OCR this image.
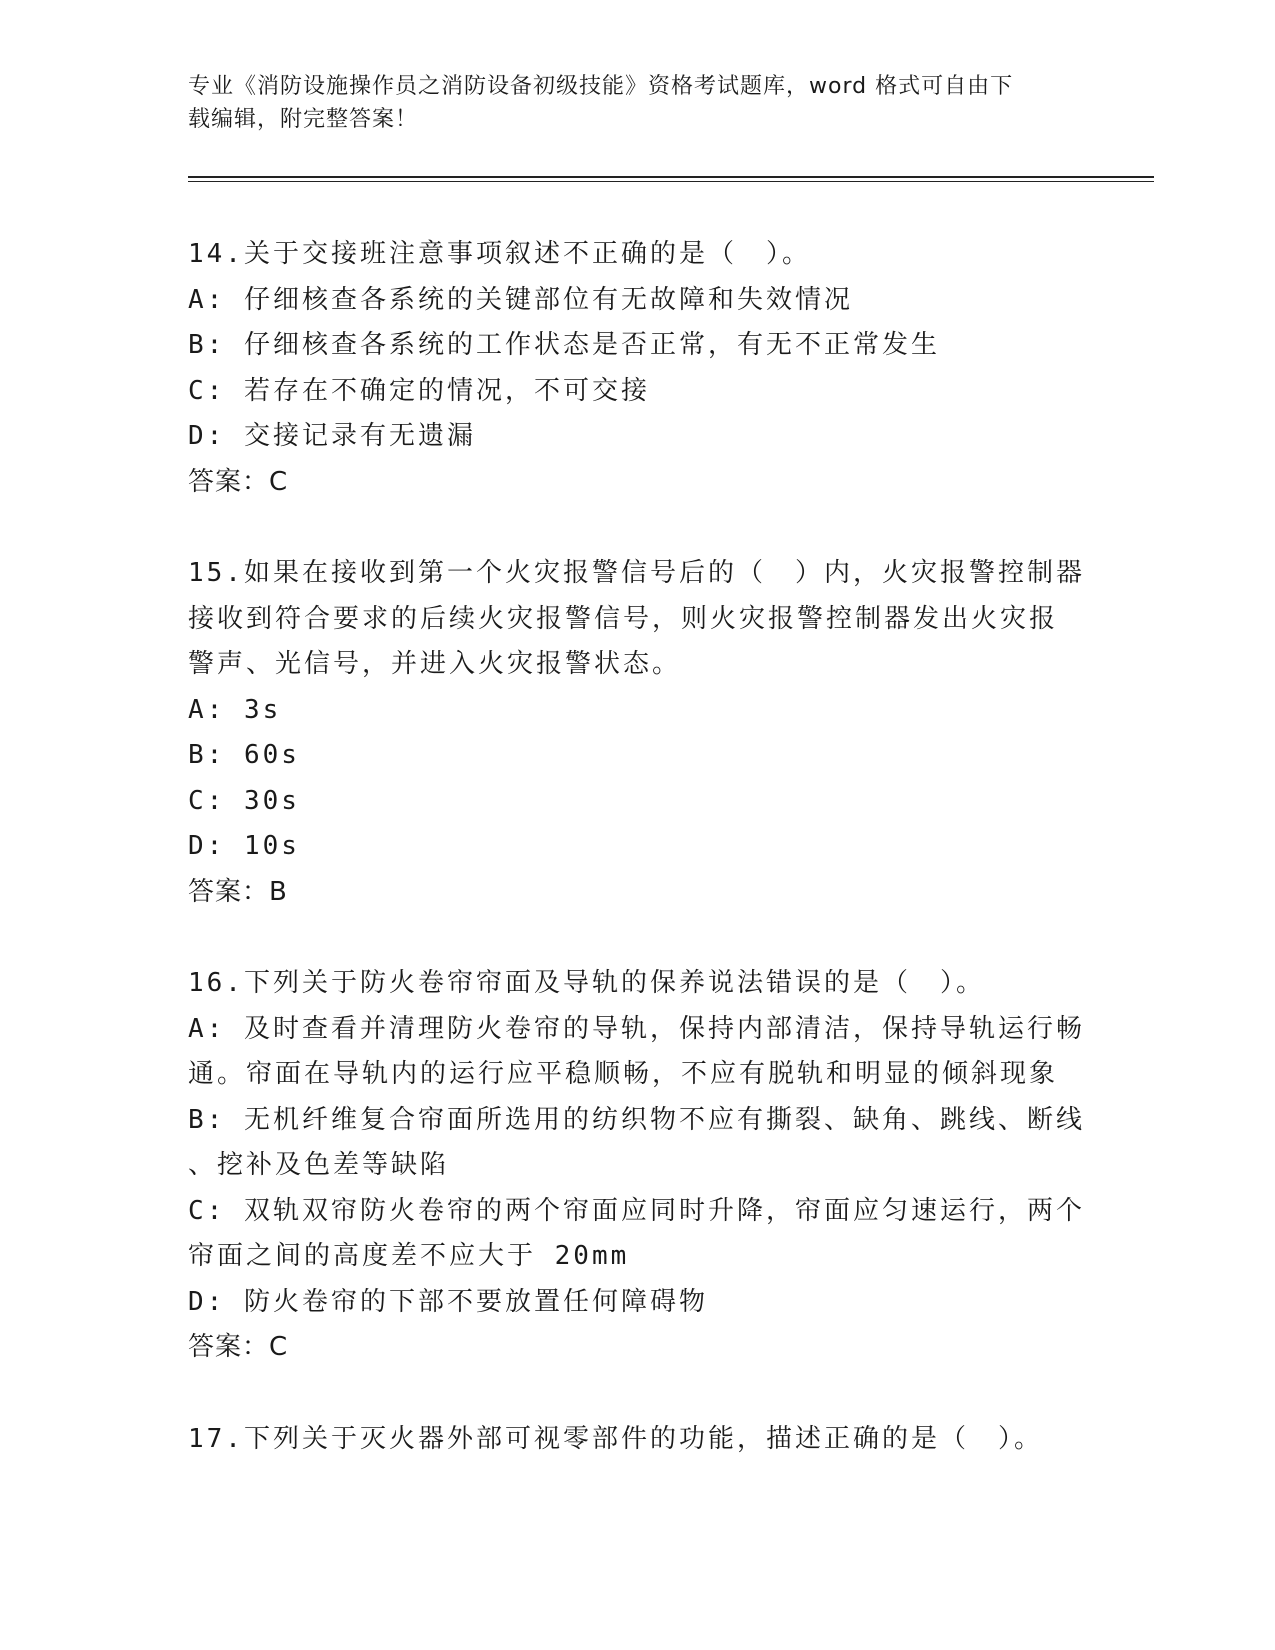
专业《消防设施操作员之消防设备初级技能》资格考试题库，word 格式可自由下
载编辑，附完整答案！
14.关于交接班注意事项叙述不正确的是（　）。
A: 仔细核查各系统的关键部位有无故障和失效情况
B: 仔细核查各系统的工作状态是否正常，有无不正常发生
C: 若存在不确定的情况，不可交接
D: 交接记录有无遗漏
答案：C
15.如果在接收到第一个火灾报警信号后的（　）内，火灾报警控制器
接收到符合要求的后续火灾报警信号，则火灾报警控制器发出火灾报
警声、光信号，并进入火灾报警状态。
A: 3s
B: 60s
C: 30s
D: 10s
答案：B
16.下列关于防火卷帘帘面及导轨的保养说法错误的是（　）。
A: 及时查看并清理防火卷帘的导轨，保持内部清洁，保持导轨运行畅
通。帘面在导轨内的运行应平稳顺畅，不应有脱轨和明显的倾斜现象
B: 无机纤维复合帘面所选用的纺织物不应有撕裂、缺角、跳线、断线
、挖补及色差等缺陷
C: 双轨双帘防火卷帘的两个帘面应同时升降，帘面应匀速运行，两个
帘面之间的高度差不应大于 20mm
D: 防火卷帘的下部不要放置任何障碍物
答案：C
17.下列关于灭火器外部可视零部件的功能，描述正确的是（　）。
